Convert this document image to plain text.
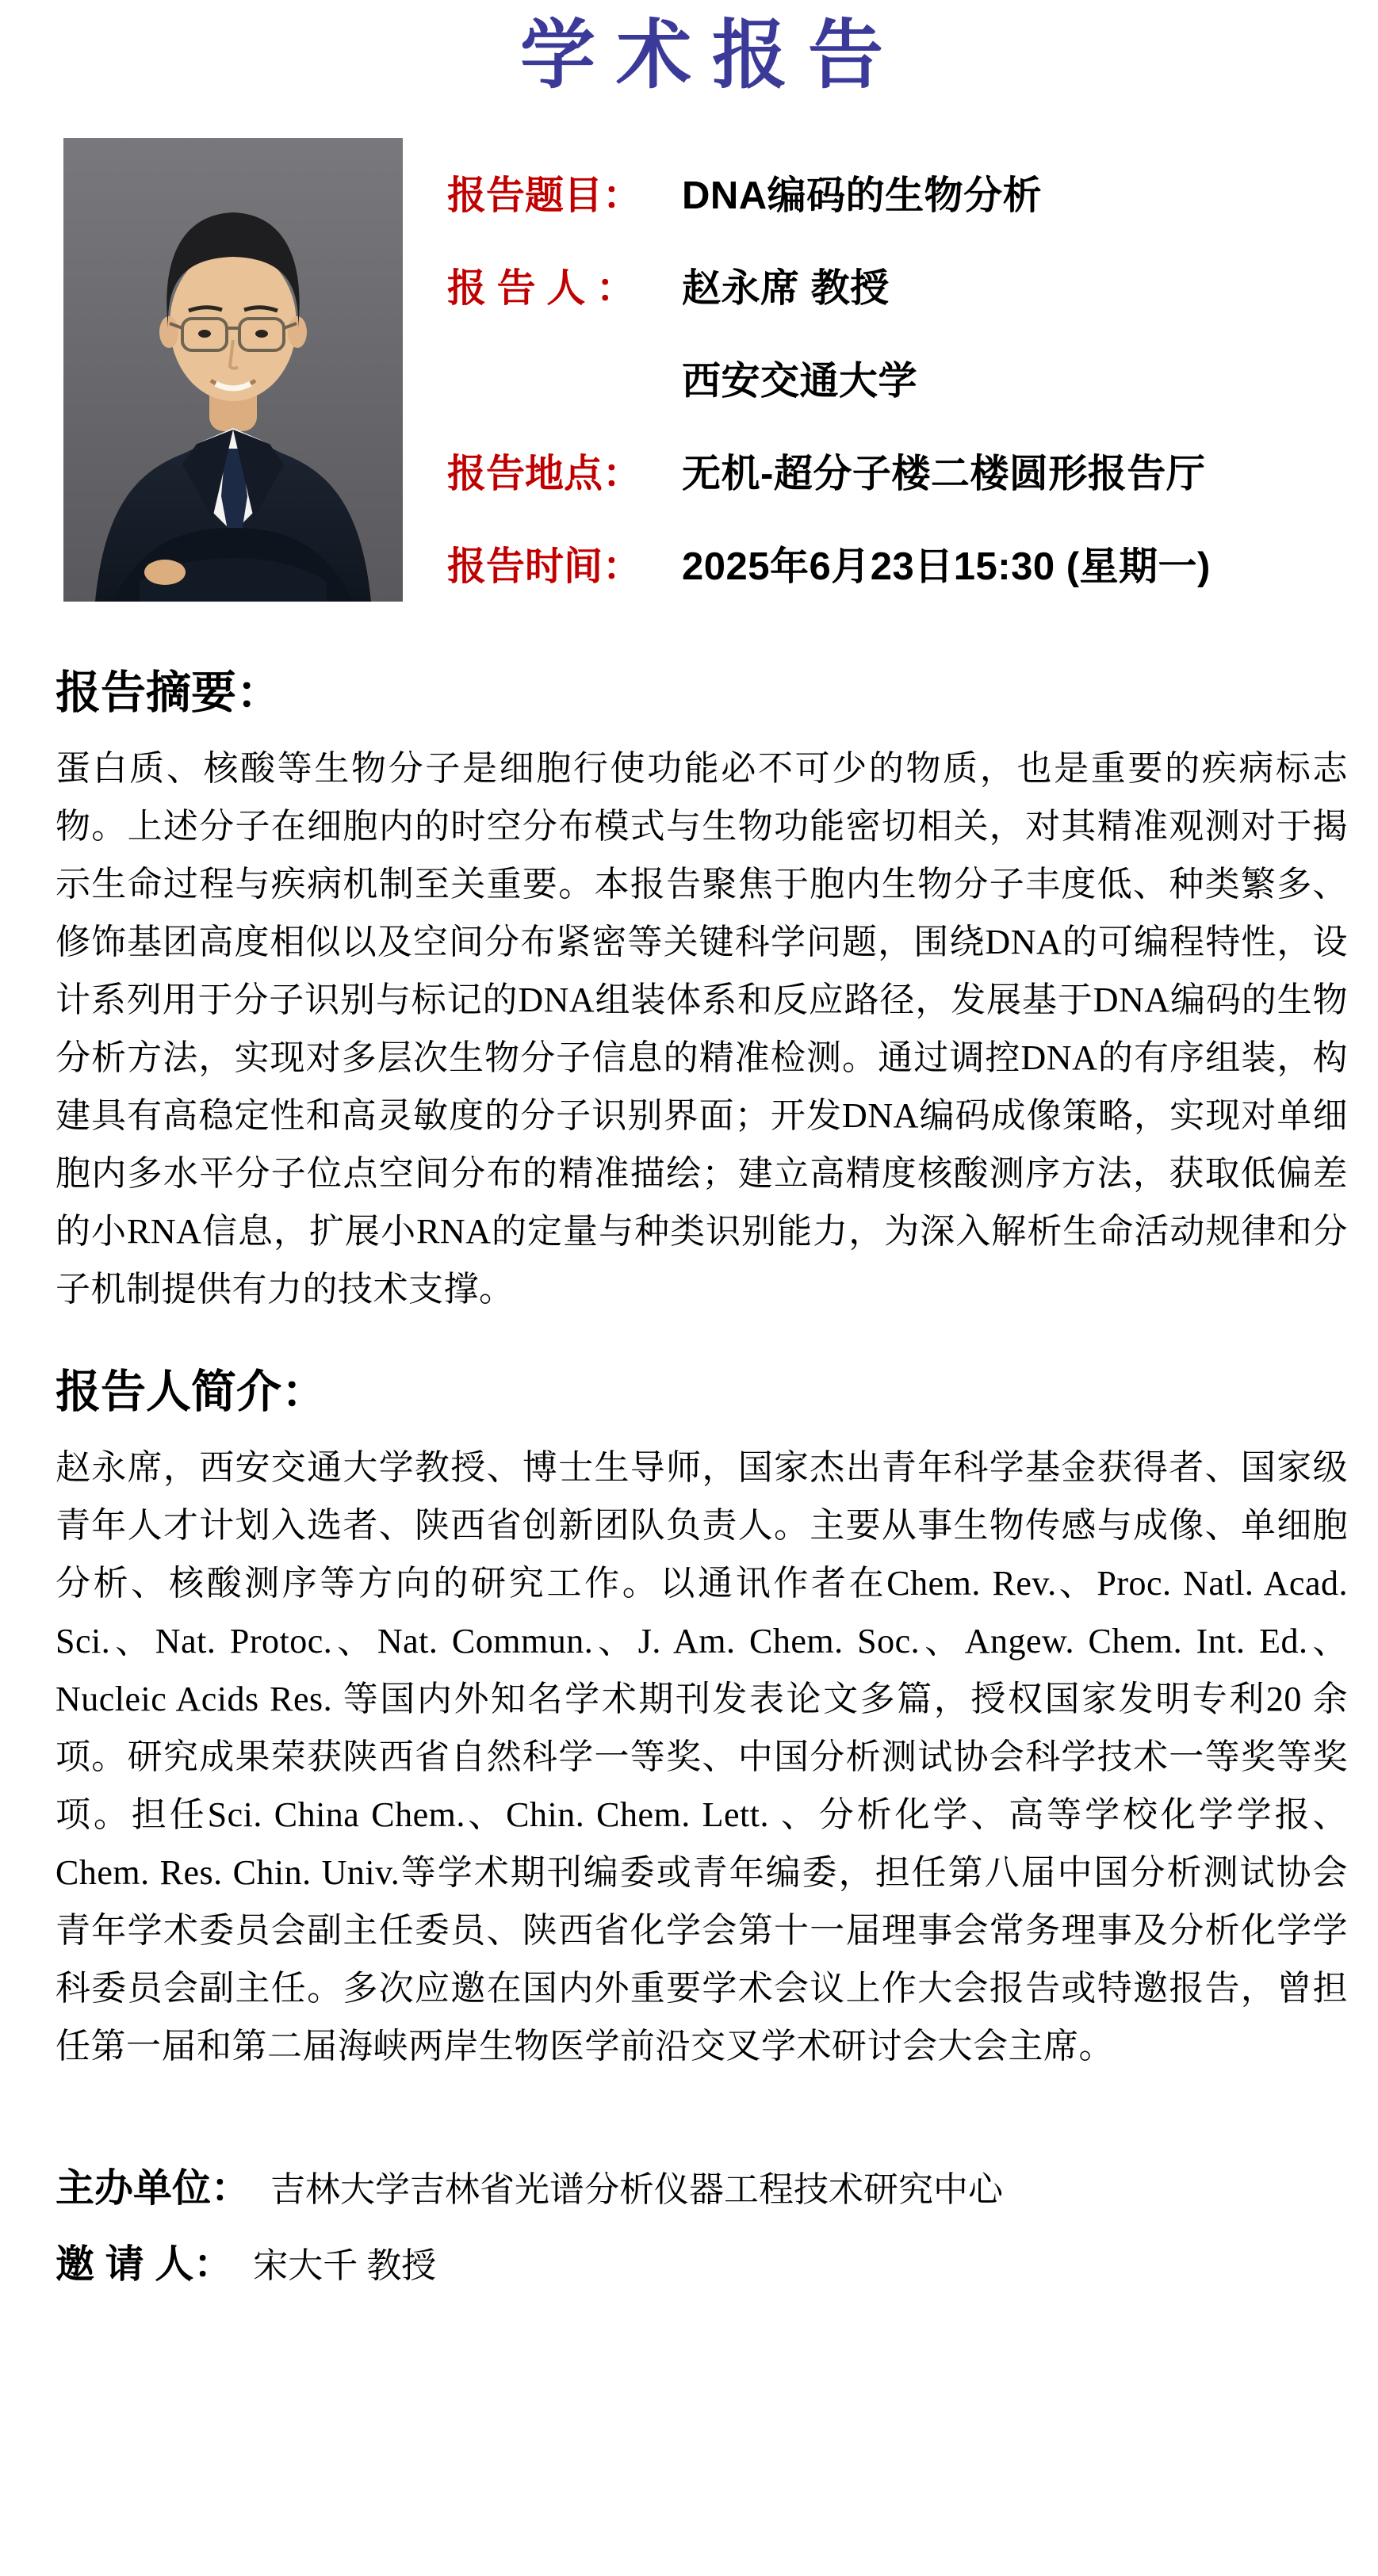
学术报告
报告题目：	DNA编码的生物分析
报 告 人 ：	赵永席 教授
西安交通大学
报告地点：	无机-超分子楼二楼圆形报告厅
报告时间：	2025年6月23日15:30 (星期一)
报告摘要：

蛋白质、核酸等生物分子是细胞行使功能必不可少的物质，也是重要的疾病标志物。上述分子在细胞内的时空分布模式与生物功能密切相关，对其精准观测对于揭示生命过程与疾病机制至关重要。本报告聚焦于胞内生物分子丰度低、种类繁多、修饰基团高度相似以及空间分布紧密等关键科学问题，围绕DNA的可编程特性，设计系列用于分子识别与标记的DNA组装体系和反应路径，发展基于DNA编码的生物分析方法，实现对多层次生物分子信息的精准检测。通过调控DNA的有序组装，构建具有高稳定性和高灵敏度的分子识别界面；开发DNA编码成像策略，实现对单细胞内多水平分子位点空间分布的精准描绘；建立高精度核酸测序方法，获取低偏差的小RNA信息，扩展小RNA的定量与种类识别能力，为深入解析生命活动规律和分子机制提供有力的技术支撑。

报告人简介：

赵永席，西安交通大学教授、博士生导师，国家杰出青年科学基金获得者、国家级青年人才计划入选者、陕西省创新团队负责人。主要从事生物传感与成像、单细胞分析、核酸测序等方向的研究工作。以通讯作者在Chem. Rev.、Proc. Natl. Acad. Sci.、Nat. Protoc.、Nat. Commun.、J. Am. Chem. Soc.、Angew. Chem. Int. Ed.、Nucleic Acids Res. 等国内外知名学术期刊发表论文多篇，授权国家发明专利20 余项。研究成果荣获陕西省自然科学一等奖、中国分析测试协会科学技术一等奖等奖项。担任Sci. China Chem.、Chin. Chem. Lett. 、分析化学、高等学校化学学报、Chem. Res. Chin. Univ.等学术期刊编委或青年编委，担任第八届中国分析测试协会青年学术委员会副主任委员、陕西省化学会第十一届理事会常务理事及分析化学学科委员会副主任。多次应邀在国内外重要学术会议上作大会报告或特邀报告，曾担任第一届和第二届海峡两岸生物医学前沿交叉学术研讨会大会主席。

主办单位： 吉林大学吉林省光谱分析仪器工程技术研究中心
邀 请 人： 宋大千 教授
